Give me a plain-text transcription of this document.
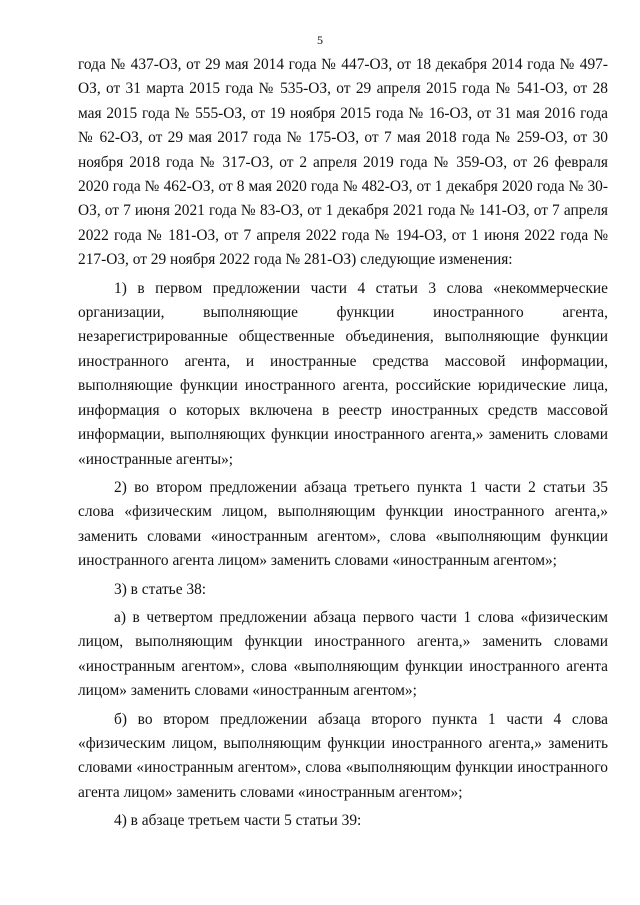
5

года № 437-ОЗ, от 29 мая 2014 года № 447-ОЗ, от 18 декабря 2014 года № 497-ОЗ, от 31 марта 2015 года № 535-ОЗ, от 29 апреля 2015 года № 541-ОЗ, от 28 мая 2015 года № 555-ОЗ, от 19 ноября 2015 года № 16-ОЗ, от 31 мая 2016 года № 62-ОЗ, от 29 мая 2017 года № 175-ОЗ, от 7 мая 2018 года № 259-ОЗ, от 30 ноября 2018 года № 317-ОЗ, от 2 апреля 2019 года № 359-ОЗ, от 26 февраля 2020 года № 462-ОЗ, от 8 мая 2020 года № 482-ОЗ, от 1 декабря 2020 года № 30-ОЗ, от 7 июня 2021 года № 83-ОЗ, от 1 декабря 2021 года № 141-ОЗ, от 7 апреля 2022 года № 181-ОЗ, от 7 апреля 2022 года № 194-ОЗ, от 1 июня 2022 года № 217-ОЗ, от 29 ноября 2022 года № 281-ОЗ) следующие изменения:

1) в первом предложении части 4 статьи 3 слова «некоммерческие организации, выполняющие функции иностранного агента, незарегистрированные общественные объединения, выполняющие функции иностранного агента, и иностранные средства массовой информации, выполняющие функции иностранного агента, российские юридические лица, информация о которых включена в реестр иностранных средств массовой информации, выполняющих функции иностранного агента,» заменить словами «иностранные агенты»;

2) во втором предложении абзаца третьего пункта 1 части 2 статьи 35 слова «физическим лицом, выполняющим функции иностранного агента,» заменить словами «иностранным агентом», слова «выполняющим функции иностранного агента лицом» заменить словами «иностранным агентом»;

3) в статье 38:

а) в четвертом предложении абзаца первого части 1 слова «физическим лицом, выполняющим функции иностранного агента,» заменить словами «иностранным агентом», слова «выполняющим функции иностранного агента лицом» заменить словами «иностранным агентом»;

б) во втором предложении абзаца второго пункта 1 части 4 слова «физическим лицом, выполняющим функции иностранного агента,» заменить словами «иностранным агентом», слова «выполняющим функции иностранного агента лицом» заменить словами «иностранным агентом»;

4) в абзаце третьем части 5 статьи 39:
